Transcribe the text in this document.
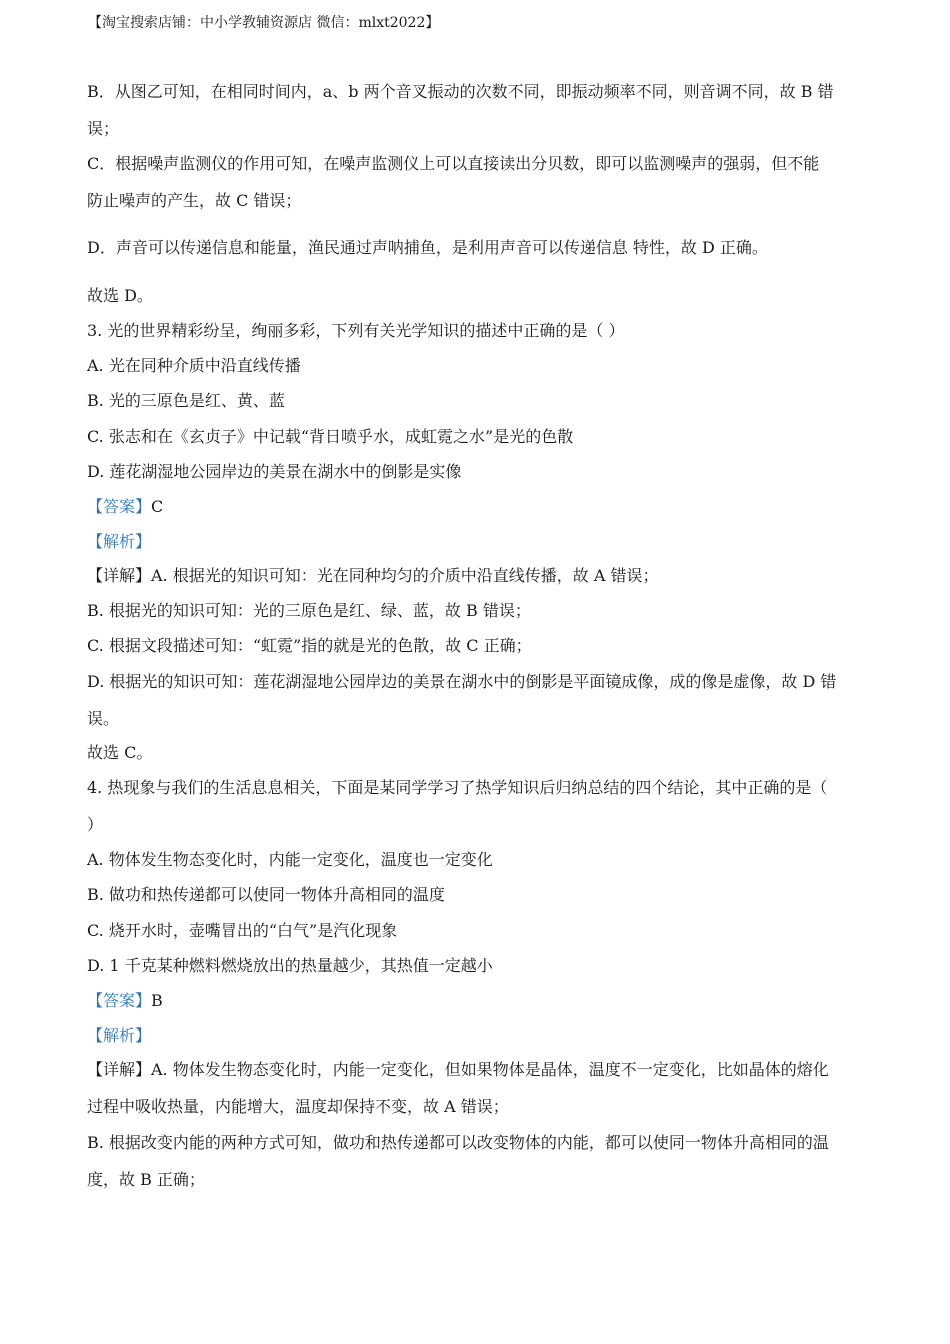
【淘宝搜索店铺：中小学教辅资源店 微信：mlxt2022】
B．从图乙可知，在相同时间内，a、b 两个音叉振动的次数不同，即振动频率不同，则音调不同，故 B 错
误；
C．根据噪声监测仪的作用可知，在噪声监测仪上可以直接读出分贝数，即可以监测噪声的强弱，但不能
防止噪声的产生，故 C 错误；
D．声音可以传递信息和能量，渔民通过声呐捕鱼，是利用声音可以传递信息 特性，故 D 正确。
故选 D。
3. 光的世界精彩纷呈，绚丽多彩，下列有关光学知识的描述中正确的是（ ）
A. 光在同种介质中沿直线传播
B. 光的三原色是红、黄、蓝
C. 张志和在《玄贞子》中记载“背日喷乎水，成虹霓之水”是光的色散
D. 莲花湖湿地公园岸边的美景在湖水中的倒影是实像
【答案】C
【解析】
【详解】A. 根据光的知识可知：光在同种均匀的介质中沿直线传播，故 A 错误；
B. 根据光的知识可知：光的三原色是红、绿、蓝，故 B 错误；
C. 根据文段描述可知：“虹霓”指的就是光的色散，故 C 正确；
D. 根据光的知识可知：莲花湖湿地公园岸边的美景在湖水中的倒影是平面镜成像，成的像是虚像，故 D 错
误。
故选 C。
4. 热现象与我们的生活息息相关，下面是某同学学习了热学知识后归纳总结的四个结论，其中正确的是（
）
A. 物体发生物态变化时，内能一定变化，温度也一定变化
B. 做功和热传递都可以使同一物体升高相同的温度
C. 烧开水时，壶嘴冒出的“白气”是汽化现象
D. 1 千克某种燃料燃烧放出的热量越少，其热值一定越小
【答案】B
【解析】
【详解】A. 物体发生物态变化时，内能一定变化，但如果物体是晶体，温度不一定变化，比如晶体的熔化
过程中吸收热量，内能增大，温度却保持不变，故 A 错误；
B. 根据改变内能的两种方式可知，做功和热传递都可以改变物体的内能，都可以使同一物体升高相同的温
度，故 B 正确；
